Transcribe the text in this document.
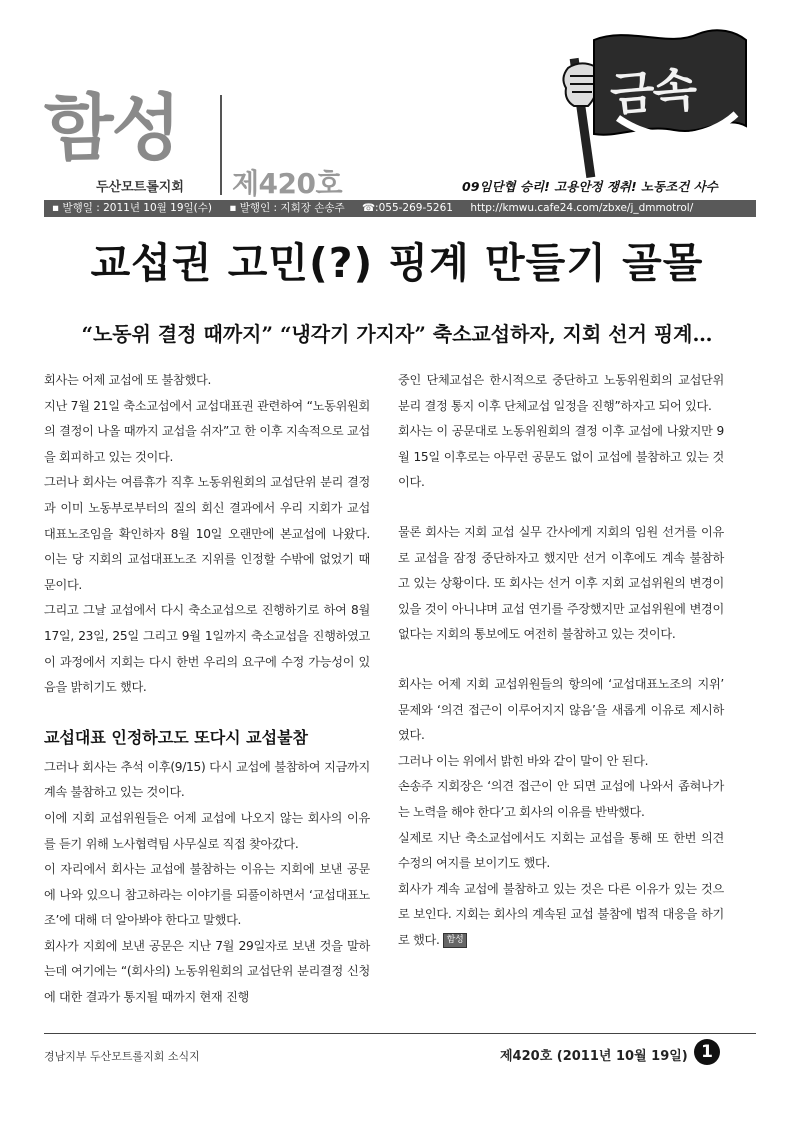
함성
두산모트롤지회 제420호	09임단협 승리! 고용안정 쟁취! 노동조건 사수
금속
▪ 발행일 : 2011년 10월 19일(수) ▪ 발행인 : 지회장 손송주 ☎:055-269-5261 http://kmwu.cafe24.com/zbxe/j_dmmotrol/
교섭권 고민(?) 핑계 만들기 골몰
“노동위 결정 때까지” “냉각기 가지자” 축소교섭하자, 지회 선거 핑계…

회사는 어제 교섭에 또 불참했다.

지난 7월 21일 축소교섭에서 교섭대표권 관련하여 “노동위원회의 결정이 나올 때까지 교섭을 쉬자”고 한 이후 지속적으로 교섭을 회피하고 있는 것이다.

그러나 회사는 여름휴가 직후 노동위원회의 교섭단위 분리 결정과 이미 노동부로부터의 질의 회신 결과에서 우리 지회가 교섭대표노조임을 확인하자 8월 10일 오랜만에 본교섭에 나왔다. 이는 당 지회의 교섭대표노조 지위를 인정할 수밖에 없었기 때문이다.

그리고 그날 교섭에서 다시 축소교섭으로 진행하기로 하여 8월 17일, 23일, 25일 그리고 9월 1일까지 축소교섭을 진행하였고 이 과정에서 지회는 다시 한번 우리의 요구에 수정 가능성이 있음을 밝히기도 했다.

교섭대표 인정하고도 또다시 교섭불참

그러나 회사는 추석 이후(9/15) 다시 교섭에 불참하여 지금까지 계속 불참하고 있는 것이다.

이에 지회 교섭위원들은 어제 교섭에 나오지 않는 회사의 이유를 듣기 위해 노사협력팀 사무실로 직접 찾아갔다.

이 자리에서 회사는 교섭에 불참하는 이유는 지회에 보낸 공문에 나와 있으니 참고하라는 이야기를 되풀이하면서 ‘교섭대표노조’에 대해 더 알아봐야 한다고 말했다.

회사가 지회에 보낸 공문은 지난 7월 29일자로 보낸 것을 말하는데 여기에는 “(회사의) 노동위원회의 교섭단위 분리결정 신청에 대한 결과가 통지될 때까지 현재 진행

중인 단체교섭은 한시적으로 중단하고 노동위원회의 교섭단위 분리 결정 통지 이후 단체교섭 일정을 진행”하자고 되어 있다.

회사는 이 공문대로 노동위원회의 결정 이후 교섭에 나왔지만 9월 15일 이후로는 아무런 공문도 없이 교섭에 불참하고 있는 것이다.

물론 회사는 지회 교섭 실무 간사에게 지회의 임원 선거를 이유로 교섭을 잠정 중단하자고 했지만 선거 이후에도 계속 불참하고 있는 상황이다. 또 회사는 선거 이후 지회 교섭위원의 변경이 있을 것이 아니냐며 교섭 연기를 주장했지만 교섭위원에 변경이 없다는 지회의 통보에도 여전히 불참하고 있는 것이다.

회사는 어제 지회 교섭위원들의 항의에 ‘교섭대표노조의 지위’ 문제와 ‘의견 접근이 이루어지지 않음’을 새롭게 이유로 제시하였다.

그러나 이는 위에서 밝힌 바와 같이 말이 안 된다.

손송주 지회장은 ‘의견 접근이 안 되면 교섭에 나와서 좁혀나가는 노력을 해야 한다’고 회사의 이유를 반박했다.

실제로 지난 축소교섭에서도 지회는 교섭을 통해 또 한번 의견 수정의 여지를 보이기도 했다.

회사가 계속 교섭에 불참하고 있는 것은 다른 이유가 있는 것으로 보인다. 지회는 회사의 계속된 교섭 불참에 법적 대응을 하기로 했다. 함성

경남지부 두산모트롤지회 소식지	제420호 (2011년 10월 19일) 1
